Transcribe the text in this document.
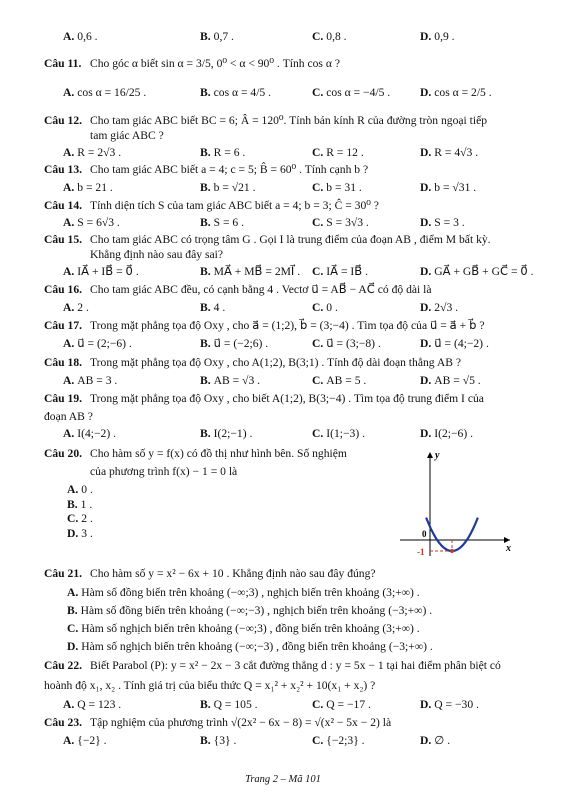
A. 0,6 .	B. 0,7 .	C. 0,8 .	D. 0,9 .
Câu 11. Cho góc α biết sin α = 3/5, 0⁰ < α < 90⁰ . Tính cos α ?
A. cos α = 16/25 .	B. cos α = 4/5 .	C. cos α = −4/5 .	D. cos α = 2/5 .
Câu 12. Cho tam giác ABC biết BC = 6; Â = 120⁰. Tính bán kính R của đường tròn ngoại tiếp
tam giác ABC ?
A. R = 2√3 .	B. R = 6 .	C. R = 12 .	D. R = 4√3 .
Câu 13. Cho tam giác ABC biết a = 4; c = 5; B̂ = 60⁰ . Tính cạnh b ?
A. b = 21 .	B. b = √21 .	C. b = 31 .	D. b = √31 .
Câu 14. Tính diện tích S của tam giác ABC biết a = 4; b = 3; Ĉ = 30⁰ ?
A. S = 6√3 .	B. S = 6 .	C. S = 3√3 .	D. S = 3 .
Câu 15. Cho tam giác ABC có trọng tâm G . Gọi I là trung điểm của đoạn AB , điểm M bất kỳ.
Khẳng định nào sau đây sai?
A. IA⃗ + IB⃗ = 0⃗ .	B. MA⃗ + MB⃗ = 2MI⃗ . C. IA⃗ = IB⃗ .	D. GA⃗ + GB⃗ + GC⃗ = 0⃗ .
Câu 16. Cho tam giác ABC đều, có cạnh bằng 4 . Vectơ u⃗ = AB⃗ − AC⃗ có độ dài là
A. 2 .	B. 4 .	C. 0 .	D. 2√3 .
Câu 17. Trong mặt phẳng tọa độ Oxy , cho a⃗ = (1;2), b⃗ = (3;−4) . Tìm tọa độ của u⃗ = a⃗ + b⃗ ?
A. u⃗ = (2;−6) .	B. u⃗ = (−2;6) .	C. u⃗ = (3;−8) .	D. u⃗ = (4;−2) .
Câu 18. Trong mặt phẳng tọa độ Oxy , cho A(1;2), B(3;1) . Tính độ dài đoạn thẳng AB ?
A. AB = 3 .	B. AB = √3 .	C. AB = 5 .	D. AB = √5 .
Câu 19. Trong mặt phẳng tọa độ Oxy , cho biết A(1;2), B(3;−4) . Tìm tọa độ trung điểm I của
đoạn AB ?
A. I(4;−2) .	B. I(2;−1) .	C. I(1;−3) .	D. I(2;−6) .
Câu 20. Cho hàm số y = f(x) có đồ thị như hình bên. Số nghiệm
của phương trình f(x) − 1 = 0 là
A. 0 .
B. 1 .
C. 2 .
D. 3 .
Câu 21. Cho hàm số y = x² − 6x + 10 . Khẳng định nào sau đây đúng?
A. Hàm số đồng biến trên khoảng (−∞;3) , nghịch biến trên khoảng (3;+∞) .
B. Hàm số đồng biến trên khoảng (−∞;−3) , nghịch biến trên khoảng (−3;+∞) .
C. Hàm số nghịch biến trên khoảng (−∞;3) , đồng biến trên khoảng (3;+∞) .
D. Hàm số nghịch biến trên khoảng (−∞;−3) , đồng biến trên khoảng (−3;+∞) .
Câu 22. Biết Parabol (P): y = x² − 2x − 3 cắt đường thẳng d : y = 5x − 1 tại hai điểm phân biệt có
hoành độ x₁, x₂ . Tính giá trị của biểu thức Q = x₁² + x₂² + 10(x₁ + x₂) ?
A. Q = 123 .	B. Q = 105 .	C. Q = −17 .	D. Q = −30 .
Câu 23. Tập nghiệm của phương trình √(2x² − 6x − 8) = √(x² − 5x − 2) là
A. {−2} .	B. {3} .	C. {−2;3} .	D. ∅ .
y
x
0
-1
Trang 2 – Mã 101
